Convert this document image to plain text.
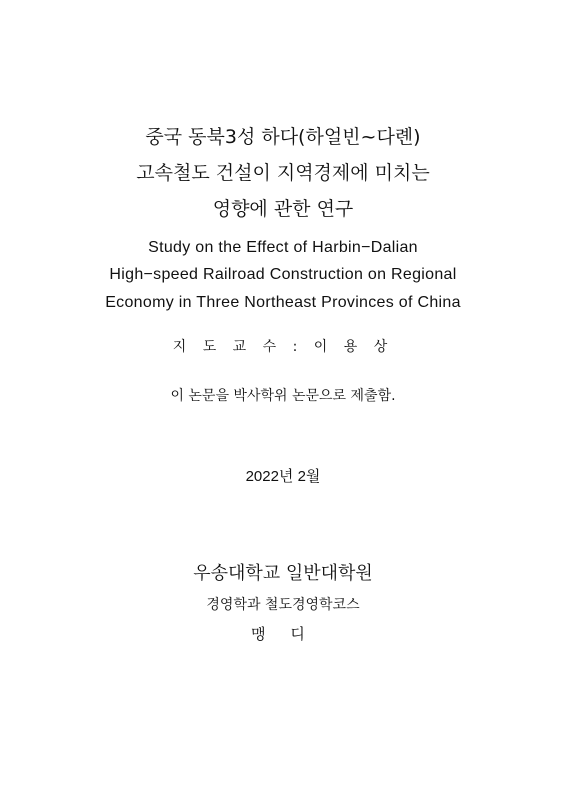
중국 동북3성 하다(하얼빈~다롄)
고속철도 건설이 지역경제에 미치는
영향에 관한 연구
Study on the Effect of Harbin−Dalian
High−speed Railroad Construction on Regional
Economy in Three Northeast Provinces of China
지 도 교 수 : 이 용 상
이 논문을 박사학위 논문으로 제출함.
2022년 2월
우송대학교 일반대학원
경영학과 철도경영학코스
맹 디
